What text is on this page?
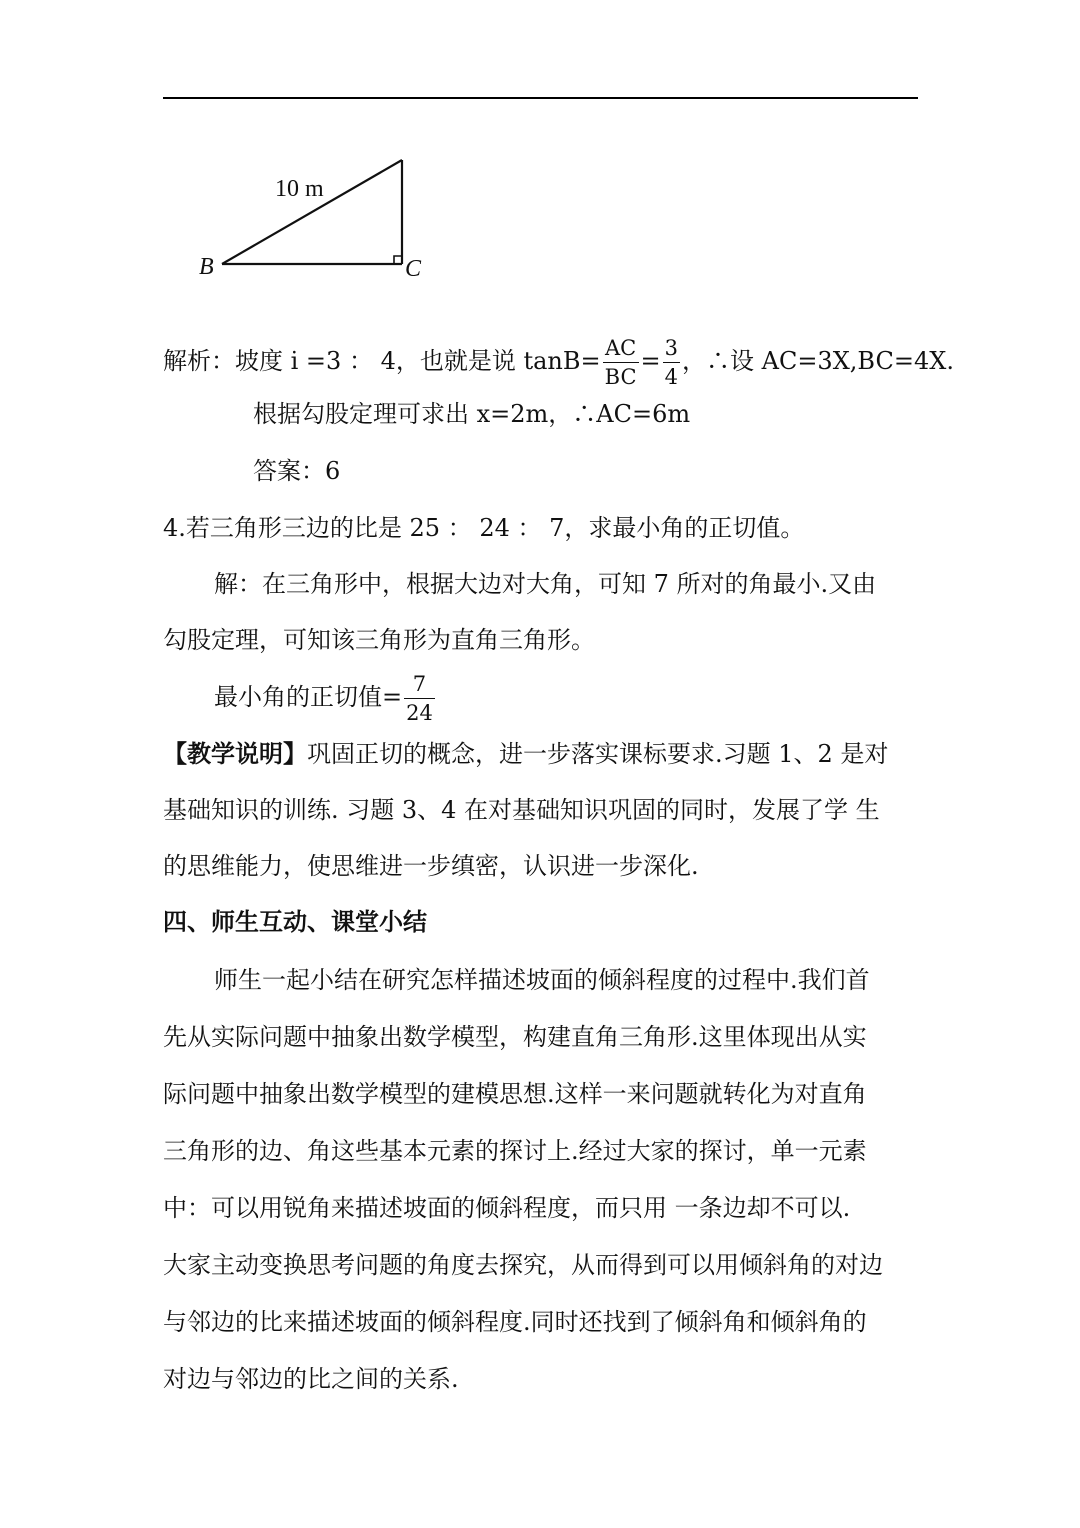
10 m
B	C
解析：坡度 i =3 ： 4，也就是说 $\tan B= \frac{AC}{BC} = \frac{3}{4}$ ，∴设 AC=3X,BC=4X.
根据勾股定理可求出 x=2m，∴AC=6m
答案：6
4.若三角形三边的比是 25 ： 24 ： 7，求最小角的正切值。
解：在三角形中，根据大边对大角，可知 7 所对的角最小.又由
勾股定理，可知该三角形为直角三角形。
最小角的正切值= $\frac{7}{24}$
【教学说明】巩固正切的概念，进一步落实课标要求.习题 1、2 是对
基础知识的训练. 习题 3、4 在对基础知识巩固的同时，发展了学 生
的思维能力，使思维进一步缜密，认识进一步深化.
四、师生互动、课堂小结
师生一起小结在研究怎样描述坡面的倾斜程度的过程中.我们首
先从实际问题中抽象出数学模型，构建直角三角形.这里体现出从实
际问题中抽象出数学模型的建模思想.这样一来问题就转化为对直角
三角形的边、角这些基本元素的探讨上.经过大家的探讨，单一元素
中：可以用锐角来描述坡面的倾斜程度，而只用 一条边却不可以.
大家主动变换思考问题的角度去探究，从而得到可以用倾斜角的对边
与邻边的比来描述坡面的倾斜程度.同时还找到了倾斜角和倾斜角的
对边与邻边的比之间的关系.
